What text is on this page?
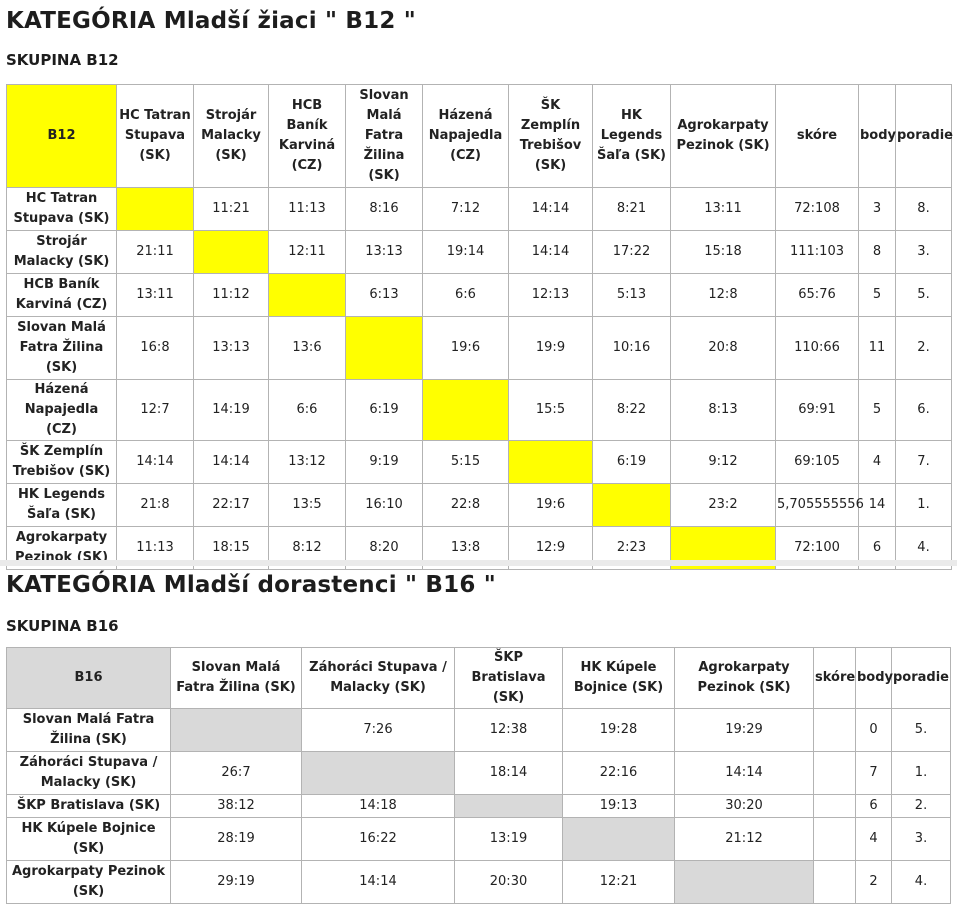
KATEGÓRIA Mladší žiaci " B12 "
SKUPINA B12
B12	HC Tatran Stupava (SK)	Strojár Malacky (SK)	HCB Baník Karviná (CZ)	Slovan Malá Fatra Žilina (SK)	Házená Napajedla (CZ)	ŠK Zemplín Trebišov (SK)	HK Legends Šaľa (SK)	Agrokarpaty Pezinok (SK)	skóre	body	poradie
HC Tatran Stupava (SK)		11:21	11:13	8:16	7:12	14:14	8:21	13:11	72:108	3	8.
Strojár Malacky (SK)	21:11		12:11	13:13	19:14	14:14	17:22	15:18	111:103	8	3.
HCB Baník Karviná (CZ)	13:11	11:12		6:13	6:6	12:13	5:13	12:8	65:76	5	5.
Slovan Malá Fatra Žilina (SK)	16:8	13:13	13:6		19:6	19:9	10:16	20:8	110:66	11	2.
Házená Napajedla (CZ)	12:7	14:19	6:6	6:19		15:5	8:22	8:13	69:91	5	6.
ŠK Zemplín Trebišov (SK)	14:14	14:14	13:12	9:19	5:15		6:19	9:12	69:105	4	7.
HK Legends Šaľa (SK)	21:8	22:17	13:5	16:10	22:8	19:6		23:2	5,705555556	14	1.
Agrokarpaty Pezinok (SK)	11:13	18:15	8:12	8:20	13:8	12:9	2:23		72:100	6	4.
KATEGÓRIA Mladší dorastenci " B16 "
SKUPINA B16
B16	Slovan Malá Fatra Žilina (SK)	Záhoráci Stupava / Malacky (SK)	ŠKP Bratislava (SK)	HK Kúpele Bojnice (SK)	Agrokarpaty Pezinok (SK)	skóre	body	poradie
Slovan Malá Fatra Žilina (SK)		7:26	12:38	19:28	19:29		0	5.
Záhoráci Stupava / Malacky (SK)	26:7		18:14	22:16	14:14		7	1.
ŠKP Bratislava (SK)	38:12	14:18		19:13	30:20		6	2.
HK Kúpele Bojnice (SK)	28:19	16:22	13:19		21:12		4	3.
Agrokarpaty Pezinok (SK)	29:19	14:14	20:30	12:21			2	4.
